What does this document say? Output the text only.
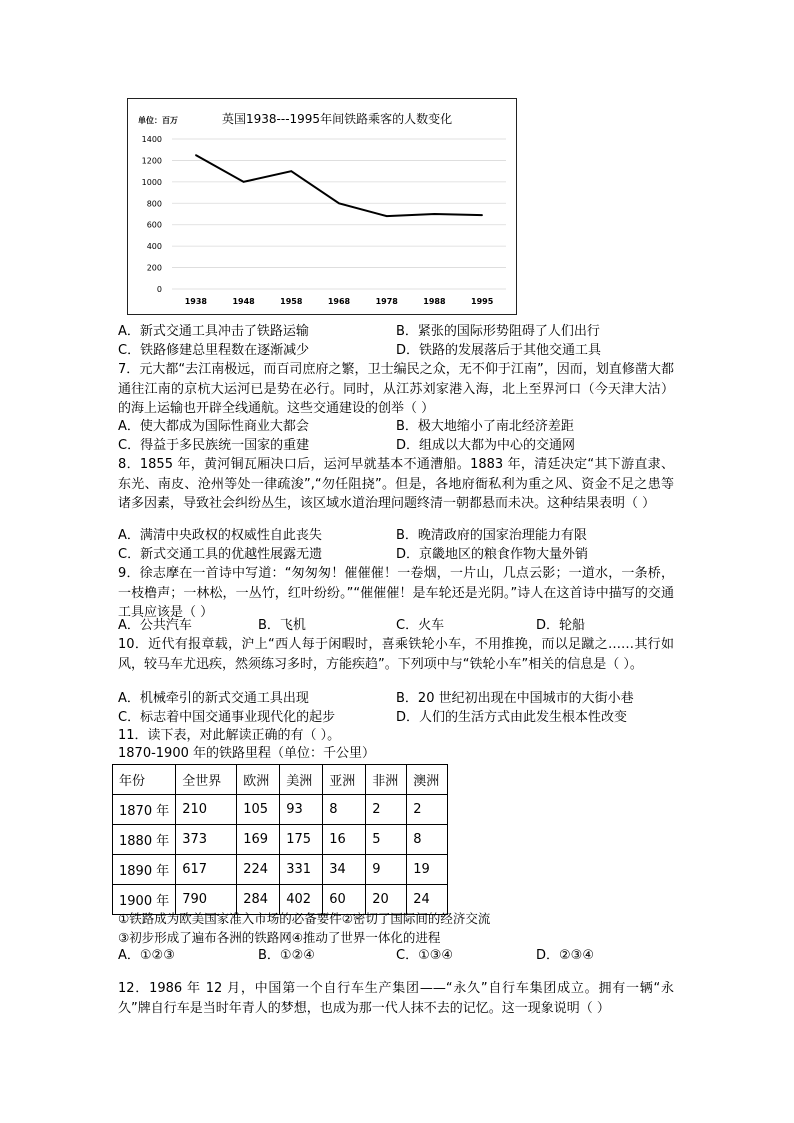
单位：百万	英国1938---1995年间铁路乘客的人数变化
0
200
400
600
800
1000
1200
1400
1938	1948	1958	1968	1978	1988	1995
A．新式交通工具冲击了铁路运输	B．紧张的国际形势阻碍了人们出行
C．铁路修建总里程数在逐渐减少	D．铁路的发展落后于其他交通工具
7．元大都“去江南极远，而百司庶府之繁，卫士编民之众，无不仰于江南”，因而，划直修凿大都通往江南的京杭大运河已是势在必行。同时，从江苏刘家港入海，北上至界河口（今天津大沽）的海上运输也开辟全线通航。这些交通建设的创举（ ）
A．使大都成为国际性商业大都会	B．极大地缩小了南北经济差距
C．得益于多民族统一国家的重建	D．组成以大都为中心的交通网
8．1855 年，黄河铜瓦厢决口后，运河早就基本不通漕船。1883 年，清廷决定“其下游直隶、东光、南皮、沧州等处一律疏浚”,“勿任阻挠”。但是，各地府衙私利为重之风、资金不足之患等诸多因素，导致社会纠纷丛生，该区域水道治理问题终清一朝都悬而未决。这种结果表明（ ）
A．满清中央政权的权威性自此丧失	B．晚清政府的国家治理能力有限
C．新式交通工具的优越性展露无遗	D．京畿地区的粮食作物大量外销
9．徐志摩在一首诗中写道：“匆匆匆！催催催！一卷烟，一片山，几点云影；一道水，一条桥，一枝橹声；一林松，一丛竹，红叶纷纷。”“催催催！是车轮还是光阴。”诗人在这首诗中描写的交通工具应该是（ ）
A．公共汽车	B．飞机	C．火车	D．轮船
10．近代有报章载，沪上“西人每于闲暇时，喜乘铁轮小车，不用推挽，而以足蹴之……其行如风，较马车尤迅疾，然须练习多时，方能疾趋”。下列项中与“铁轮小车”相关的信息是（ ）。
A．机械牵引的新式交通工具出现	B．20 世纪初出现在中国城市的大街小巷
C．标志着中国交通事业现代化的起步	D．人们的生活方式由此发生根本性改变
11．读下表，对此解读正确的有（ ）。
1870-1900 年的铁路里程（单位：千公里）
年份	全世界	欧洲	美洲	亚洲	非洲	澳洲
1870 年	210	105	93	8	2	2
1880 年	373	169	175	16	5	8
1890 年	617	224	331	34	9	19
1900 年	790	284	402	60	20	24
①铁路成为欧美国家准入市场的必备要件②密切了国际间的经济交流
③初步形成了遍布各洲的铁路网④推动了世界一体化的进程
A．①②③	B．①②④	C．①③④	D．②③④
12．1986 年 12 月，中国第一个自行车生产集团——“永久”自行车集团成立。拥有一辆“永久”牌自行车是当时年青人的梦想，也成为那一代人抹不去的记忆。这一现象说明（ ）
